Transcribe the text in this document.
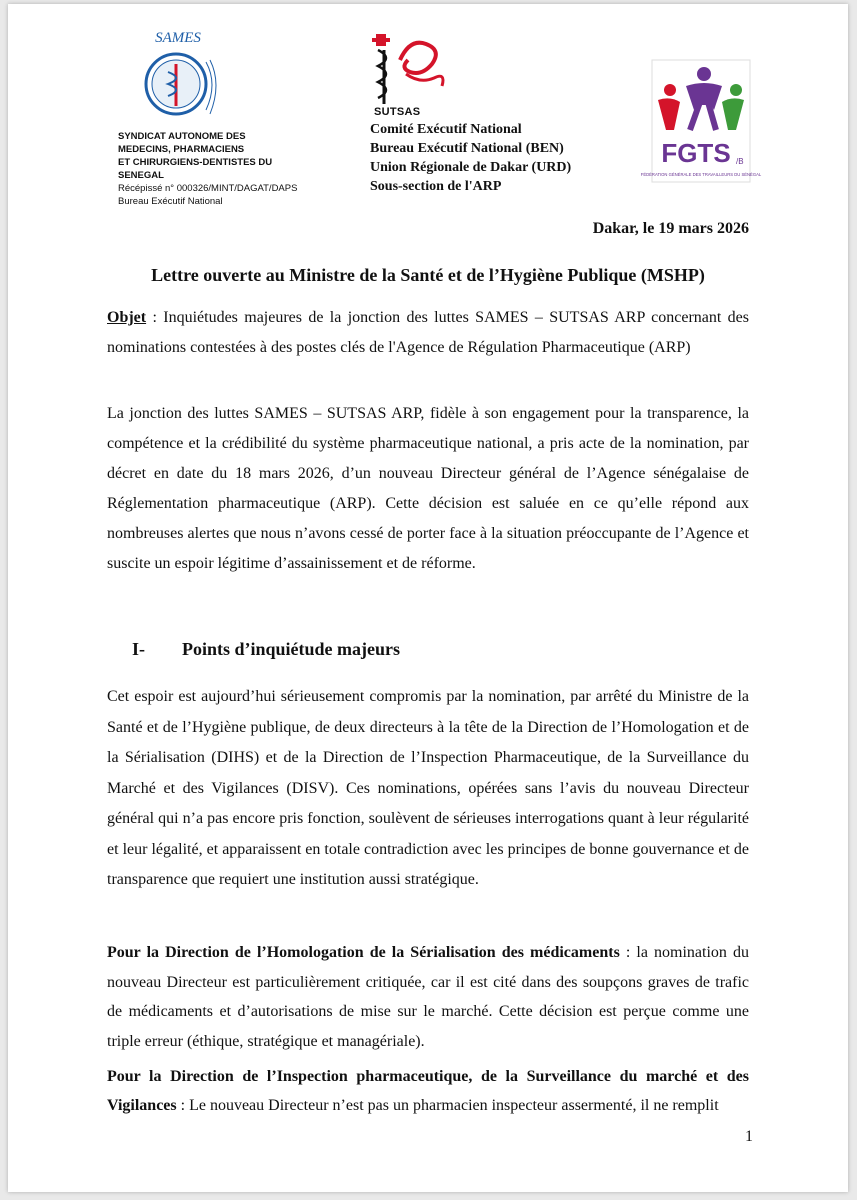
SAMES
SYNDICAT AUTONOME DES
MEDECINS, PHARMACIENS
ET CHIRURGIENS-DENTISTES DU SENEGAL
Récépissé n° 000326/MINT/DAGAT/DAPS
Bureau Exécutif National
SUTSAS
Comité Exécutif National
Bureau Exécutif National (BEN)
Union Régionale de Dakar (URD)
Sous-section de l'ARP
FGTS /B
FÉDÉRATION GÉNÉRALE DES TRAVAILLEURS DU SÉNÉGAL
Dakar, le 19 mars 2026
Lettre ouverte au Ministre de la Santé et de l’Hygiène Publique (MSHP)
Objet : Inquiétudes majeures de la jonction des luttes SAMES – SUTSAS ARP concernant des nominations contestées à des postes clés de l'Agence de Régulation Pharmaceutique (ARP)
La jonction des luttes SAMES – SUTSAS ARP, fidèle à son engagement pour la transparence, la compétence et la crédibilité du système pharmaceutique national, a pris acte de la nomination, par décret en date du 18 mars 2026, d’un nouveau Directeur général de l’Agence sénégalaise de Réglementation pharmaceutique (ARP). Cette décision est saluée en ce qu’elle répond aux nombreuses alertes que nous n’avons cessé de porter face à la situation préoccupante de l’Agence et suscite un espoir légitime d’assainissement et de réforme.
I- Points d’inquiétude majeurs
Cet espoir est aujourd’hui sérieusement compromis par la nomination, par arrêté du Ministre de la Santé et de l’Hygiène publique, de deux directeurs à la tête de la Direction de l’Homologation et de la Sérialisation (DIHS) et de la Direction de l’Inspection Pharmaceutique, de la Surveillance du Marché et des Vigilances (DISV). Ces nominations, opérées sans l’avis du nouveau Directeur général qui n’a pas encore pris fonction, soulèvent de sérieuses interrogations quant à leur régularité et leur légalité, et apparaissent en totale contradiction avec les principes de bonne gouvernance et de transparence que requiert une institution aussi stratégique.
Pour la Direction de l’Homologation de la Sérialisation des médicaments : la nomination du nouveau Directeur est particulièrement critiquée, car il est cité dans des soupçons graves de trafic de médicaments et d’autorisations de mise sur le marché. Cette décision est perçue comme une triple erreur (éthique, stratégique et managériale).
Pour la Direction de l’Inspection pharmaceutique, de la Surveillance du marché et des Vigilances : Le nouveau Directeur n’est pas un pharmacien inspecteur assermenté, il ne remplit
1
